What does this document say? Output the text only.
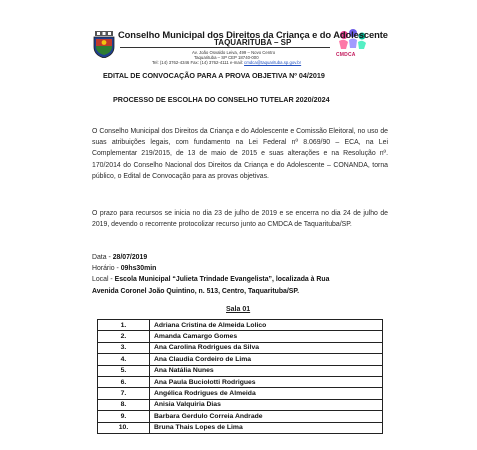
CMDCA
Conselho Municipal dos Direitos da Criança e do Adolescente
TAQUARITUBA – SP
Av. João Osvaldo Leiva, 499 – Novo Centro
Taquarituba – SP CEP 18740-000
Tel: (14) 3762-4346 Fax: (14) 3762-4111 e-mail: cmdca@taquarituba.sp.gov.br
EDITAL DE CONVOCAÇÃO PARA A PROVA OBJETIVA Nº 04/2019
PROCESSO DE ESCOLHA DO CONSELHO TUTELAR 2020/2024
O Conselho Municipal dos Direitos da Criança e do Adolescente e Comissão Eleitoral, no uso de suas atribuições legais, com fundamento na Lei Federal nº 8.069/90 – ECA, na Lei Complementar 219/2015, de 13 de maio de 2015 e suas alterações e na Resolução nº. 170/2014 do Conselho Nacional dos Direitos da Criança e do Adolescente – CONANDA, torna público, o Edital de Convocação para as provas objetivas.
O prazo para recursos se inicia no dia 23 de julho de 2019 e se encerra no dia 24 de julho de 2019, devendo o recorrente protocolizar recurso junto ao CMDCA de Taquarituba/SP.
Data - 28/07/2019
Horário - 09hs30min
Local - Escola Municipal “Julieta Trindade Evangelista”, localizada à Rua
Avenida Coronel João Quintino, n. 513, Centro, Taquarituba/SP.
Sala 01
1.	Adriana Cristina de Almeida Lolico
2.	Amanda Camargo Gomes
3.	Ana Carolina Rodrigues da Silva
4.	Ana Claudia Cordeiro de Lima
5.	Ana Natália Nunes
6.	Ana Paula Buciolotti Rodrigues
7.	Angélica Rodrigues de Almeida
8.	Anisia Valquiria Dias
9.	Barbara Gerdulo Correia Andrade
10.	Bruna Thais Lopes de Lima
